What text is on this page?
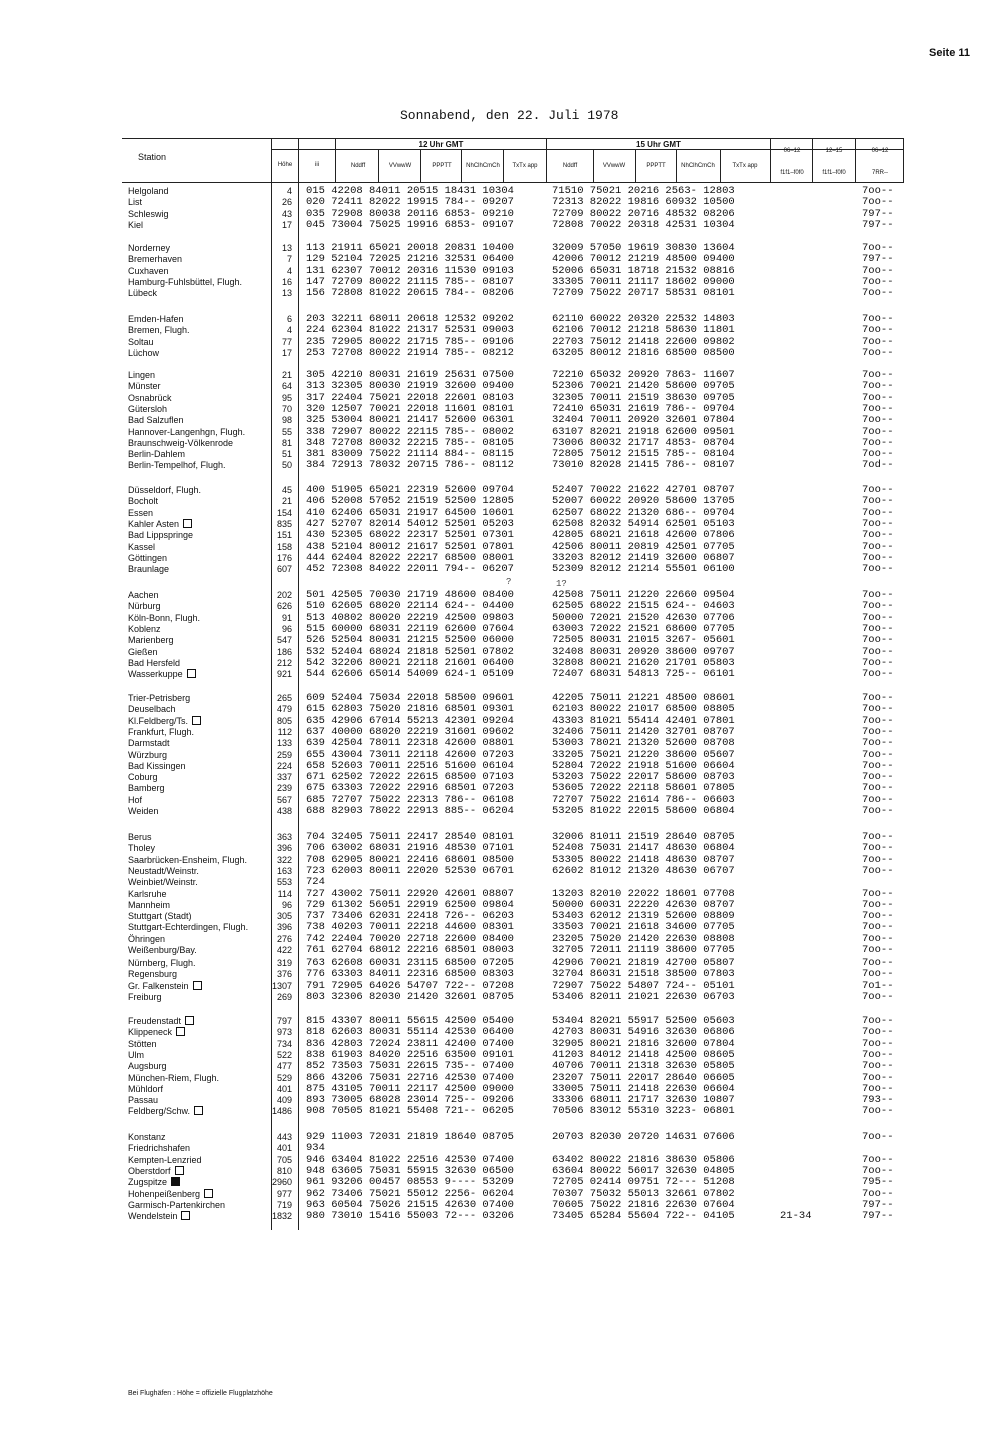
Seite 11
Sonnabend, den 22. Juli 1978
Station
Höhe	iii
12 Uhr GMT	15 Uhr GMT
Nddff	VVwwW	PPPTT	NhClhCmCh	TxTx app	Nddff	VVwwW	PPPTT	NhClhCmCh	TxTx app
06–12	12–15	06–12
f1f1–f0f0	f1f1–f0f0	7RR--
Helgoland	4 015 42208 84011 20515 18431 10304	71510 75021 20216 2563- 12803	7oo--
List	26 020 72411 82022 19915 784-- 09207	72313 82022 19816 60932 10500	7oo--
Schleswig	43 035 72908 80038 20116 6853- 09210	72709 80022 20716 48532 08206	797--
Kiel	17 045 73004 75025 19916 6853- 09107	72808 70022 20318 42531 10304	797--
Norderney	13 113 21911 65021 20018 20831 10400	32009 57050 19619 30830 13604	7oo--
Bremerhaven	7 129 52104 72025 21216 32531 06400	42006 70012 21219 48500 09400	797--
Cuxhaven	4 131 62307 70012 20316 11530 09103	52006 65031 18718 21532 08816	7oo--
Hamburg-Fuhlsbüttel, Flugh.	16 147 72709 80022 21115 785-- 08107	33305 70011 21117 18602 09000	7oo--
Lübeck	13 156 72808 81022 20615 784-- 08206	72709 75022 20717 58531 08101	7oo--
Emden-Hafen	6 203 32211 68011 20618 12532 09202	62110 60022 20320 22532 14803	7oo--
Bremen, Flugh.	4 224 62304 81022 21317 52531 09003	62106 70012 21218 58630 11801	7oo--
Soltau	77 235 72905 80022 21715 785-- 09106	22703 75012 21418 22600 09802	7oo--
Lüchow	17 253 72708 80022 21914 785-- 08212	63205 80012 21816 68500 08500	7oo--
Lingen	21 305 42210 80031 21619 25631 07500	72210 65032 20920 7863- 11607	7oo--
Münster	64 313 32305 80030 21919 32600 09400	52306 70021 21420 58600 09705	7oo--
Osnabrück	95 317 22404 75021 22018 22601 08103	32305 70011 21519 38630 09705	7oo--
Gütersloh	70 320 12507 70021 22018 11601 08101	72410 65031 21619 786-- 09704	7oo--
Bad Salzuflen	98 325 53004 80021 21417 52600 06301	32404 70011 20920 32601 07804	7oo--
Hannover-Langenhgn, Flugh.	55 338 72907 80022 22115 785-- 08002	63107 82021 21918 62600 09501	7oo--
Braunschweig-Völkenrode	81 348 72708 80032 22215 785-- 08105	73006 80032 21717 4853- 08704	7oo--
Berlin-Dahlem	51 381 83009 75022 21114 884-- 08115	72805 75012 21515 785-- 08104	7oo--
Berlin-Tempelhof, Flugh.	50 384 72913 78032 20715 786-- 08112	73010 82028 21415 786-- 08107	7od--
Düsseldorf, Flugh.	45 400 51905 65021 22319 52600 09704	52407 70022 21622 42701 08707	7oo--
Bocholt	21 406 52008 57052 21519 52500 12805	52007 60022 20920 58600 13705	7oo--
Essen	154 410 62406 65031 21917 64500 10601	62507 68022 21320 686-- 09704	7oo--
Kahler Asten	835 427 52707 82014 54012 52501 05203	62508 82032 54914 62501 05103	7oo--
Bad Lippspringe	151 430 52305 68022 22317 52501 07301	42805 68021 21618 42600 07806	7oo--
Kassel	158 438 52104 80012 21617 52501 07801	42506 80011 20819 42501 07705	7oo--
Göttingen	176 444 62404 82022 22217 68500 08001	33203 82012 21419 32600 06807	7oo--
Braunlage	607 452 72308 84022 22011 794-- 06207	52309 82012 21214 55501 06100	7oo--
Aachen	202 501 42505 70030 21719 48600 08400	42508 75011 21220 22660 09504	7oo--
Nürburg	626 510 62605 68020 22114 624-- 04400	62505 68022 21515 624-- 04603	7oo--
Köln-Bonn, Flugh.	91 513 40802 80020 22219 42500 09803	50000 72021 21520 42630 07706	7oo--
Koblenz	96 515 60000 68031 22119 62600 07604	63003 72022 21521 68600 07705	7oo--
Marienberg	547 526 52504 80031 21215 52500 06000	72505 80031 21015 3267- 05601	7oo--
Gießen	186 532 52404 68024 21818 52501 07802	32408 80031 20920 38600 09707	7oo--
Bad Hersfeld	212 542 32206 80021 22118 21601 06400	32808 80021 21620 21701 05803	7oo--
Wasserkuppe	921 544 62606 65014 54009 624-1 05109	72407 68031 54813 725-- 06101	7oo--
Trier-Petrisberg	265 609 52404 75034 22018 58500 09601	42205 75011 21221 48500 08601	7oo--
Deuselbach	479 615 62803 75020 21816 68501 09301	62103 80022 21017 68500 08805	7oo--
Kl.Feldberg/Ts.	805 635 42906 67014 55213 42301 09204	43303 81021 55414 42401 07801	7oo--
Frankfurt, Flugh.	112 637 40000 68020 22219 31601 09602	32406 75011 21420 32701 08707	7oo--
Darmstadt	133 639 42504 78011 22318 42600 08801	53003 78021 21320 52600 08708	7oo--
Würzburg	259 655 43004 73011 22118 42600 07203	33205 75021 21220 38600 05607	7oo--
Bad Kissingen	224 658 52603 70011 22516 51600 06104	52804 72022 21918 51600 06604	7oo--
Coburg	337 671 62502 72022 22615 68500 07103	53203 75022 22017 58600 08703	7oo--
Bamberg	239 675 63303 72022 22916 68501 07203	53605 72022 22118 58601 07805	7oo--
Hof	567 685 72707 75022 22313 786-- 06108	72707 75022 21614 786-- 06603	7oo--
Weiden	438 688 82903 78022 22913 885-- 06204	53205 81022 22015 58600 06804	7oo--
Berus	363 704 32405 75011 22417 28540 08101	32006 81011 21519 28640 08705	7oo--
Tholey	396 706 63002 68031 21916 48530 07101	52408 75031 21417 48630 06804	7oo--
Saarbrücken-Ensheim, Flugh.	322 708 62905 80021 22416 68601 08500	53305 80022 21418 48630 08707	7oo--
Neustadt/Weinstr.	163 723 62003 80011 22020 52530 06701	62602 81012 21320 48630 06707	7oo--
Weinbiet/Weinstr.	553 724
Karlsruhe	114 727 43002 75011 22920 42601 08807	13203 82010 22022 18601 07708	7oo--
Mannheim	96 729 61302 56051 22919 62500 09804	50000 60031 22220 42630 08707	7oo--
Stuttgart (Stadt)	305 737 73406 62031 22418 726-- 06203	53403 62012 21319 52600 08809	7oo--
Stuttgart-Echterdingen, Flugh.	396 738 40203 70011 22218 44600 08301	33503 70021 21618 34600 07705	7oo--
Öhringen	276 742 22404 70020 22718 22600 08400	23205 75020 21420 22630 08808	7oo--
Weißenburg/Bay.	422 761 62704 68012 22216 68501 08003	32705 72011 21119 38600 07705	7oo--
Nürnberg, Flugh.	319 763 62608 60031 23115 68500 07205	42906 70021 21819 42700 05807	7oo--
Regensburg	376 776 63303 84011 22316 68500 08303	32704 86031 21518 38500 07803	7oo--
Gr. Falkenstein	1307 791 72905 64026 54707 722-- 07208	72907 75022 54807 724-- 05101	7o1--
Freiburg	269 803 32306 82030 21420 32601 08705	53406 82011 21021 22630 06703	7oo--
Freudenstadt	797 815 43307 80011 55615 42500 05400	53404 82021 55917 52500 05603	7oo--
Klippeneck	973 818 62603 80031 55114 42530 06400	42703 80031 54916 32630 06806	7oo--
Stötten	734 836 42803 72024 23811 42400 07400	32905 80021 21816 32600 07804	7oo--
Ulm	522 838 61903 84020 22516 63500 09101	41203 84012 21418 42500 08605	7oo--
Augsburg	477 852 73503 75031 22615 735-- 07400	40706 70011 21318 32630 05805	7oo--
München-Riem, Flugh.	529 866 43206 75031 22716 42530 07400	23207 75011 22017 28640 06605	7oo--
Mühldorf	401 875 43105 70011 22117 42500 09000	33005 75011 21418 22630 06604	7oo--
Passau	409 893 73005 68028 23014 725-- 09206	33306 68011 21717 32630 10807	793--
Feldberg/Schw.	1486 908 70505 81021 55408 721-- 06205	70506 83012 55310 3223- 06801	7oo--
Konstanz	443 929 11003 72031 21819 18640 08705	20703 82030 20720 14631 07606	7oo--
Friedrichshafen	401 934
Kempten-Lenzried	705 946 63404 81022 22516 42530 07400	63402 80022 21816 38630 05806	7oo--
Oberstdorf	810 948 63605 75031 55915 32630 06500	63604 80022 56017 32630 04805	7oo--
Zugspitze	2960 961 93206 00457 08553 9---- 53209	72705 02414 09751 72--- 51208	795--
Hohenpeißenberg	977 962 73406 75021 55012 2256- 06204	70307 75032 55013 32661 07802	7oo--
Garmisch-Partenkirchen	719 963 60504 75026 21515 42630 07400	70605 75022 21816 22630 07604	797--
Wendelstein	1832 980 73010 15416 55003 72--- 03206	73405 65284 55604 722-- 04105	21-34	797--
?	1?
Bei Flughäfen : Höhe = offizielle Flugplatzhöhe
